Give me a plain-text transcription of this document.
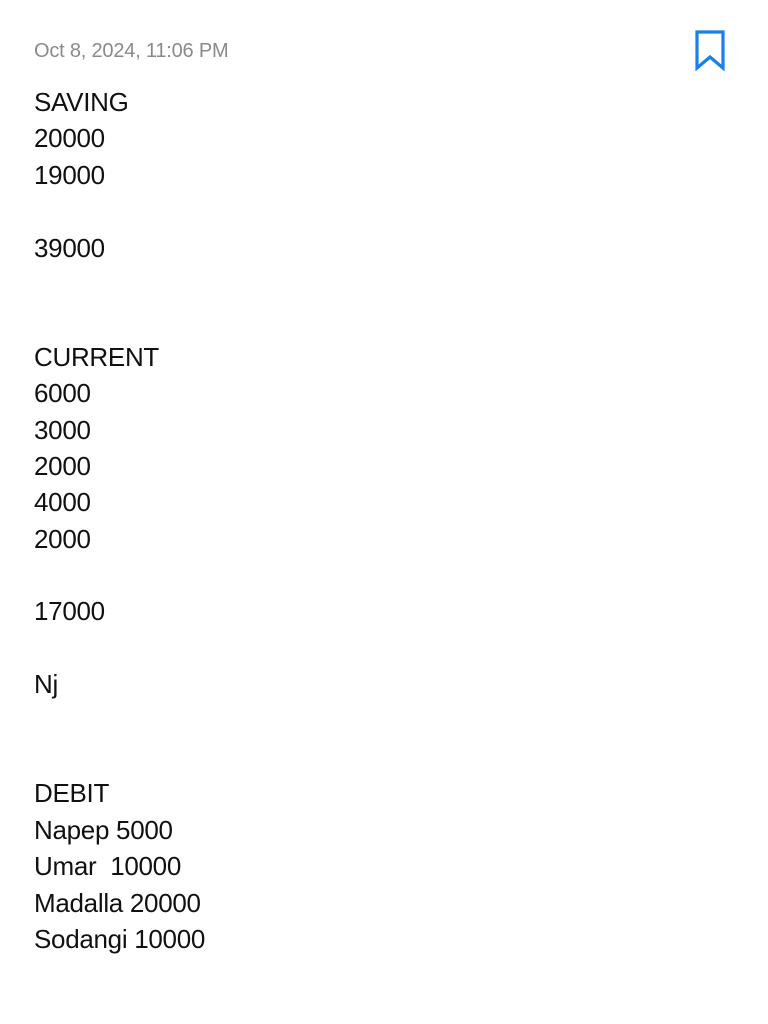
Oct 8, 2024, 11:06 PM
SAVING
20000
19000
39000
CURRENT
6000
3000
2000
4000
2000
17000
Nj
DEBIT
Napep 5000
Umar  10000
Madalla 20000
Sodangi 10000
